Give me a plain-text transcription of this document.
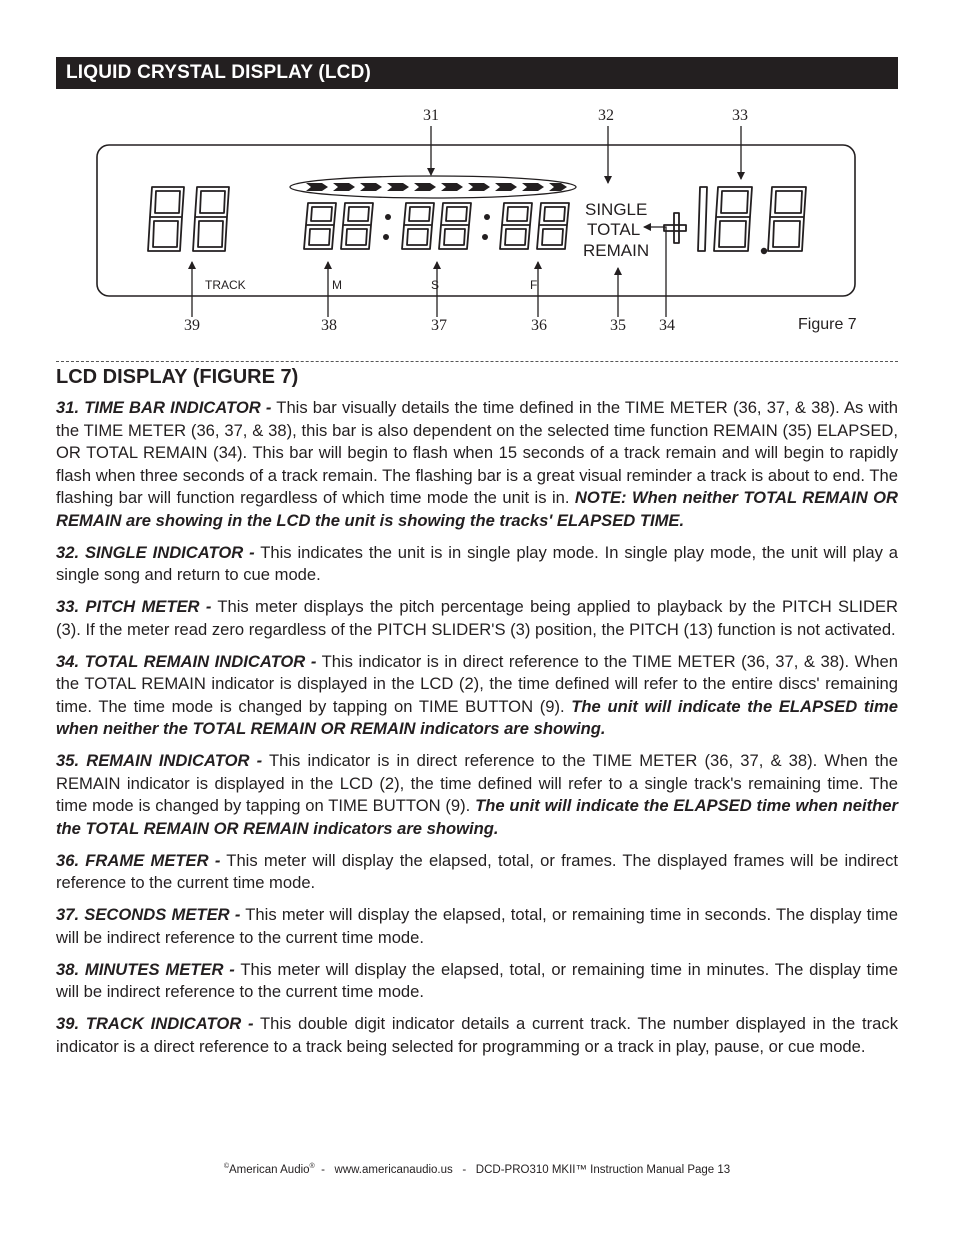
LIQUID CRYSTAL DISPLAY (LCD)
31	32	33
39	38	37	36	35 34
SINGLE
TOTAL
REMAIN
TRACK	M	S	F
Figure 7
LCD DISPLAY (FIGURE 7)

31. TIME BAR INDICATOR - This bar visually details the time defined in the TIME METER (36, 37, & 38). As with the TIME METER (36, 37, & 38), this bar is also dependent on the selected time function REMAIN (35) ELAPSED, OR TOTAL REMAIN (34). This bar will begin to flash when 15 seconds of a track remain and will begin to rapidly flash when three seconds of a track remain. The flashing bar is a great visual reminder a track is about to end. The flashing bar will function regardless of which time mode the unit is in. NOTE: When neither TOTAL REMAIN OR REMAIN are showing in the LCD the unit is showing the tracks' ELAPSED TIME.

32. SINGLE INDICATOR - This indicates the unit is in single play mode. In single play mode, the unit will play a single song and return to cue mode.

33. PITCH METER - This meter displays the pitch percentage being applied to playback by the PITCH SLIDER (3). If the meter read zero regardless of the PITCH SLIDER'S (3) position, the PITCH (13) function is not activated.

34. TOTAL REMAIN INDICATOR - This indicator is in direct reference to the TIME METER (36, 37, & 38). When the TOTAL REMAIN indicator is displayed in the LCD (2), the time defined will refer to the entire discs' remaining time. The time mode is changed by tapping on TIME BUTTON (9). The unit will indicate the ELAPSED time when neither the TOTAL REMAIN OR REMAIN indicators are showing.

35. REMAIN INDICATOR - This indicator is in direct reference to the TIME METER (36, 37, & 38). When the REMAIN indicator is displayed in the LCD (2), the time defined will refer to a single track's remaining time. The time mode is changed by tapping on TIME BUTTON (9). The unit will indicate the ELAPSED time when neither the TOTAL REMAIN OR REMAIN indicators are showing.

36. FRAME METER - This meter will display the elapsed, total, or frames. The displayed frames will be indirect reference to the current time mode.

37. SECONDS METER - This meter will display the elapsed, total, or remaining time in seconds. The display time will be indirect reference to the current time mode.

38. MINUTES METER - This meter will display the elapsed, total, or remaining time in minutes. The display time will be indirect reference to the current time mode.

39. TRACK INDICATOR - This double digit indicator details a current track. The number displayed in the track indicator is a direct reference to a track being selected for programming or a track in play, pause, or cue mode.

©American Audio®  -   www.americanaudio.us   -   DCD-PRO310 MKII™ Instruction Manual Page 13
